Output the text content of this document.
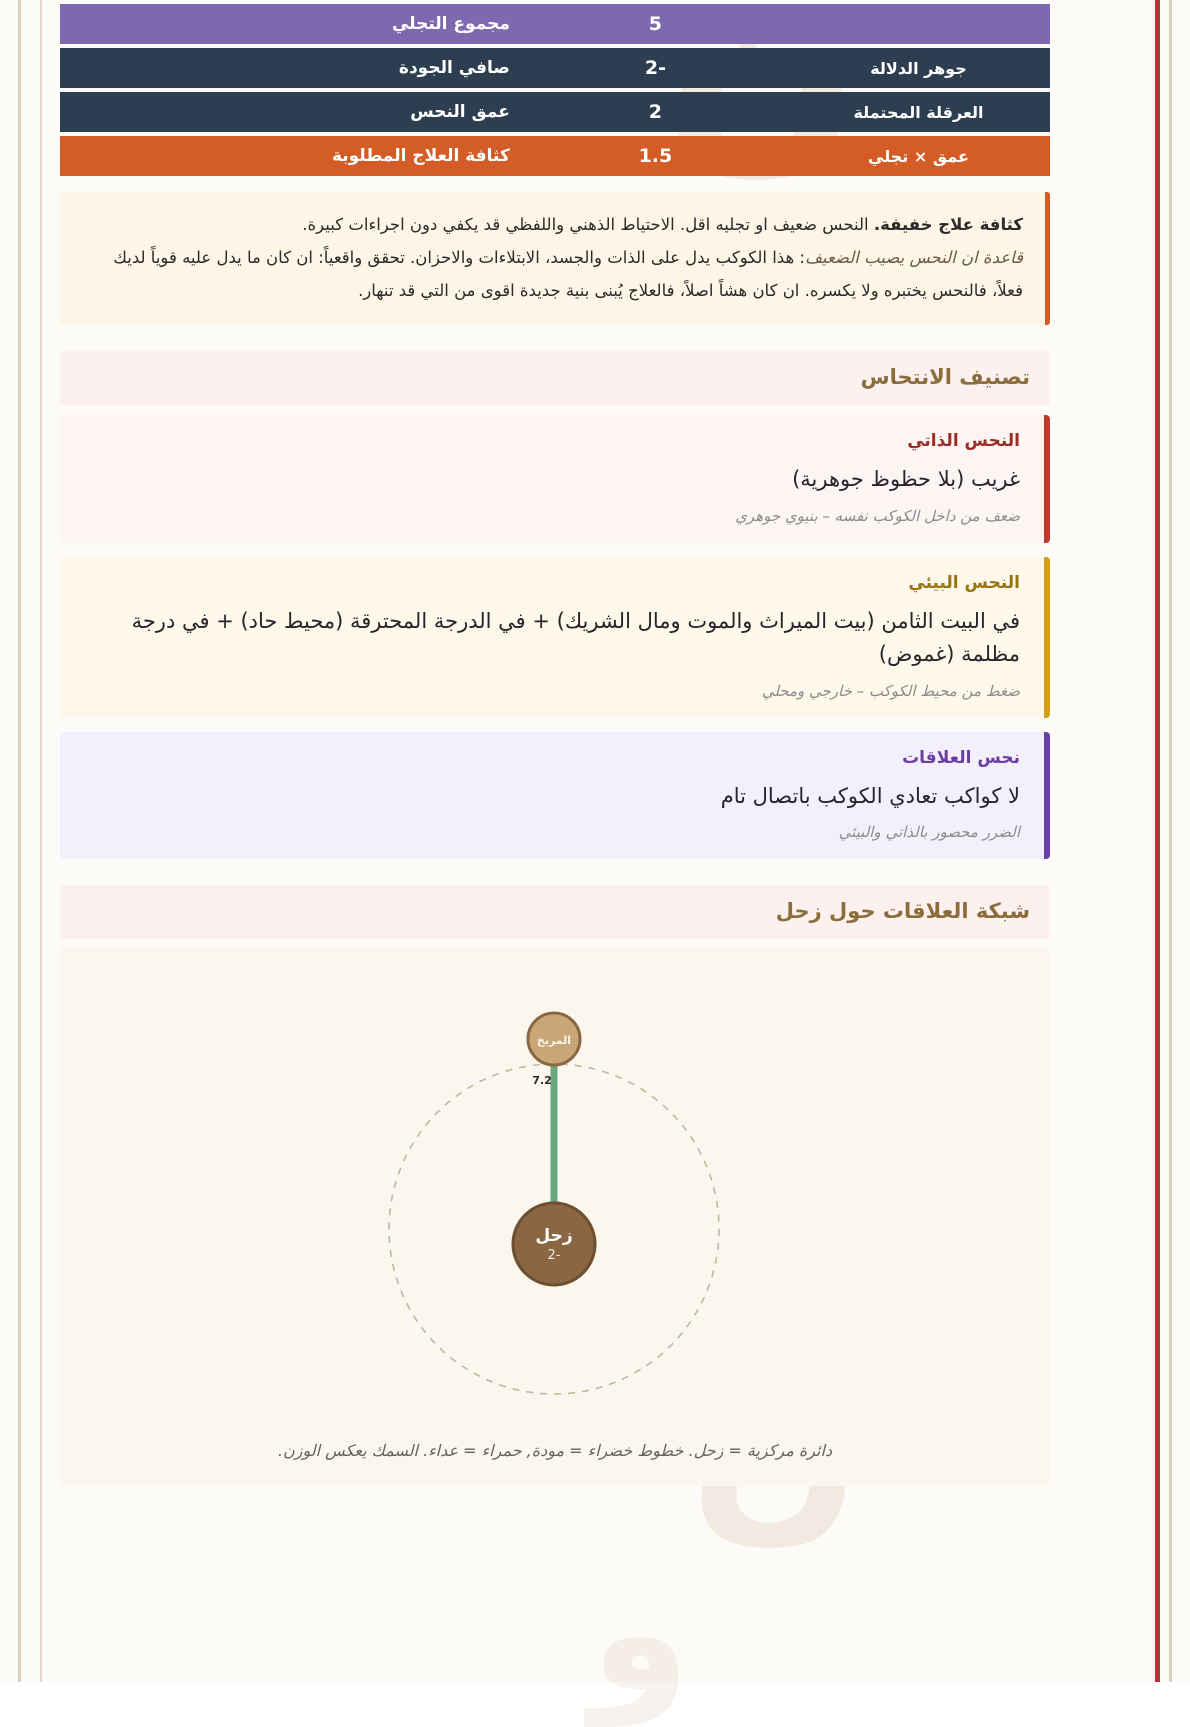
و
	5	مجموع التجلي
جوهر الدلالة	-2	صافي الجودة
العرقلة المحتملة	2	عمق النحس
عمق × تجلي	1.5	كثافة العلاج المطلوبة
كثافة علاج خفيفة. النحس ضعيف او تجليه اقل. الاحتياط الذهني واللفظي قد يكفي دون اجراءات كبيرة.
قاعدة ان النحس يصيب الضعيف: هذا الكوكب يدل على الذات والجسد، الابتلاءات والاحزان. تحقق واقعياً: ان كان ما يدل عليه قوياً لديك فعلاً، فالنحس يختبره ولا يكسره. ان كان هشاً اصلاً، فالعلاج يُبنى بنية جديدة اقوى من التي قد تنهار.
تصنيف الانتحاس
النحس الذاتي
غريب (بلا حظوظ جوهرية)
ضعف من داخل الكوكب نفسه – بنيوي جوهري
النحس البيئي
في البيت الثامن (بيت الميراث والموت ومال الشريك) + في الدرجة المحترقة (محيط حاد) + في درجة مظلمة (غموض)
ضغط من محيط الكوكب – خارجي ومحلي
نحس العلاقات
لا كواكب تعادي الكوكب باتصال تام
الضرر محصور بالذاتي والبيئي
شبكة العلاقات حول زحل
7.2
المريخ
زحل
-2
دائرة مركزية = زحل. خطوط خضراء = مودة, حمراء = عداء. السمك يعكس الوزن.
